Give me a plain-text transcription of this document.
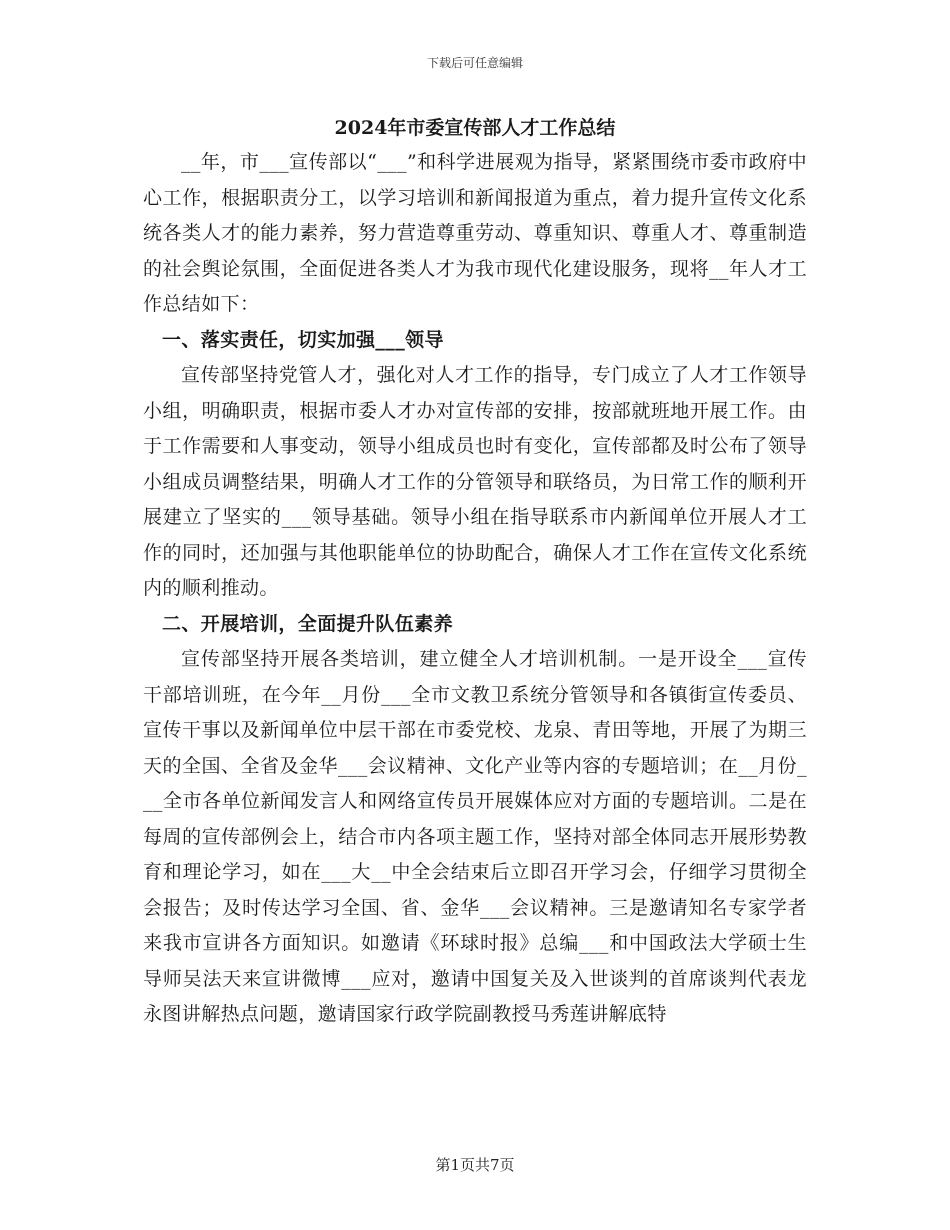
下载后可任意编辑
2024年市委宣传部人才工作总结

__年，市___宣传部以“___”和科学进展观为指导，紧紧围绕市委市政府中心工作，根据职责分工，以学习培训和新闻报道为重点，着力提升宣传文化系统各类人才的能力素养，努力营造尊重劳动、尊重知识、尊重人才、尊重制造的社会舆论氛围，全面促进各类人才为我市现代化建设服务，现将__年人才工作总结如下：

一、落实责任，切实加强___领导

宣传部坚持党管人才，强化对人才工作的指导，专门成立了人才工作领导小组，明确职责，根据市委人才办对宣传部的安排，按部就班地开展工作。由于工作需要和人事变动，领导小组成员也时有变化，宣传部都及时公布了领导小组成员调整结果，明确人才工作的分管领导和联络员，为日常工作的顺利开展建立了坚实的___领导基础。领导小组在指导联系市内新闻单位开展人才工作的同时，还加强与其他职能单位的协助配合，确保人才工作在宣传文化系统内的顺利推动。

二、开展培训，全面提升队伍素养

宣传部坚持开展各类培训，建立健全人才培训机制。一是开设全___宣传干部培训班，在今年__月份___全市文教卫系统分管领导和各镇街宣传委员、宣传干事以及新闻单位中层干部在市委党校、龙泉、青田等地，开展了为期三天的全国、全省及金华___会议精神、文化产业等内容的专题培训；在__月份___全市各单位新闻发言人和网络宣传员开展媒体应对方面的专题培训。二是在每周的宣传部例会上，结合市内各项主题工作，坚持对部全体同志开展形势教育和理论学习，如在___大__中全会结束后立即召开学习会，仔细学习贯彻全会报告；及时传达学习全国、省、金华___会议精神。三是邀请知名专家学者来我市宣讲各方面知识。如邀请《环球时报》总编___和中国政法大学硕士生导师吴法天来宣讲微博___应对，邀请中国复关及入世谈判的首席谈判代表龙永图讲解热点问题，邀请国家行政学院副教授马秀莲讲解底特

第1页共7页
